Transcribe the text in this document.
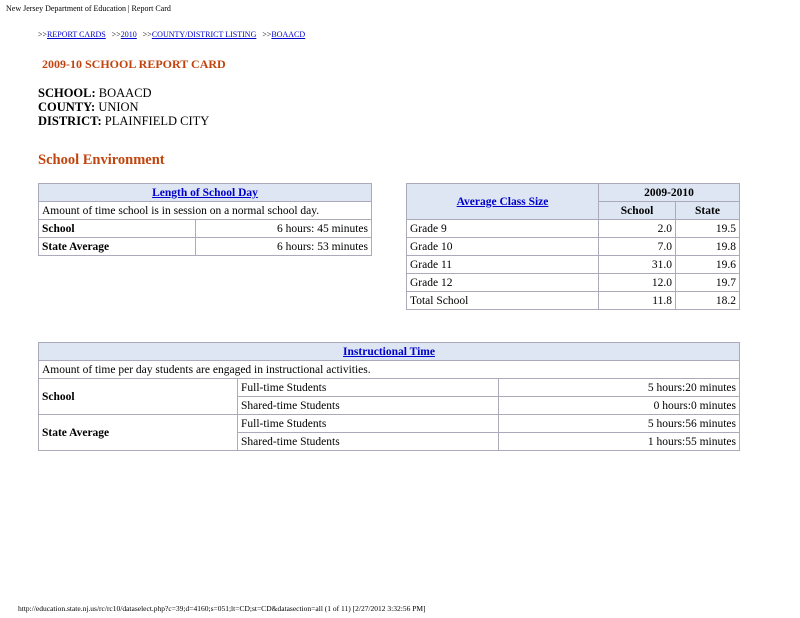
New Jersey Department of Education | Report Card
>>REPORT CARDS >>2010 >>COUNTY/DISTRICT LISTING >>BOAACD
2009-10 SCHOOL REPORT CARD
SCHOOL: BOAACD
COUNTY: UNION
DISTRICT: PLAINFIELD CITY
School Environment
Length of School Day	
Amount of time school is in session on a normal school day.	
School	6 hours: 45 minutes
State Average	6 hours: 53 minutes
Average Class Size	2009-2010	
	School	State
Grade 9	2.0	19.5
Grade 10	7.0	19.8
Grade 11	31.0	19.6
Grade 12	12.0	19.7
Total School	11.8	18.2
Instructional Time		
Amount of time per day students are engaged in instructional activities.		
School	Full-time Students	5 hours:20 minutes
	Shared-time Students	0 hours:0 minutes
State Average	Full-time Students	5 hours:56 minutes
	Shared-time Students	1 hours:55 minutes
http://education.state.nj.us/rc/rc10/dataselect.php?c=39;d=4160;s=051;lt=CD;st=CD&datasection=all (1 of 11) [2/27/2012 3:32:56 PM]
